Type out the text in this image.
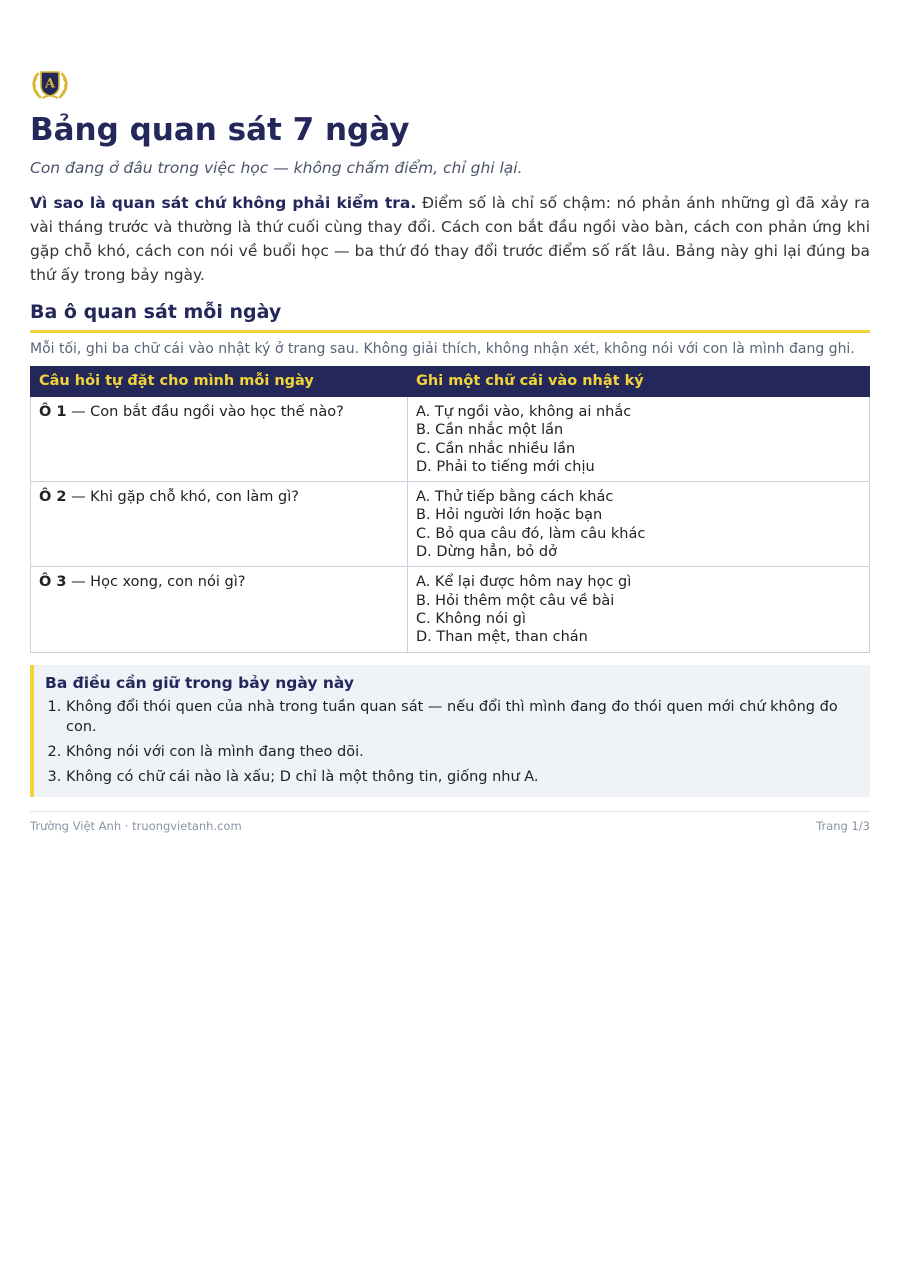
A
Bảng quan sát 7 ngày

Con đang ở đâu trong việc học — không chấm điểm, chỉ ghi lại.

Vì sao là quan sát chứ không phải kiểm tra. Điểm số là chỉ số chậm: nó phản ánh những gì đã xảy ra vài tháng trước và thường là thứ cuối cùng thay đổi. Cách con bắt đầu ngồi vào bàn, cách con phản ứng khi gặp chỗ khó, cách con nói về buổi học — ba thứ đó thay đổi trước điểm số rất lâu. Bảng này ghi lại đúng ba thứ ấy trong bảy ngày.

Ba ô quan sát mỗi ngày

Mỗi tối, ghi ba chữ cái vào nhật ký ở trang sau. Không giải thích, không nhận xét, không nói với con là mình đang ghi.

Câu hỏi tự đặt cho mình mỗi ngày	Ghi một chữ cái vào nhật ký
Ô 1 — Con bắt đầu ngồi vào học thế nào?	A. Tự ngồi vào, không ai nhắc
B. Cần nhắc một lần
C. Cần nhắc nhiều lần
D. Phải to tiếng mới chịu

Ô 2 — Khi gặp chỗ khó, con làm gì?	A. Thử tiếp bằng cách khác
B. Hỏi người lớn hoặc bạn
C. Bỏ qua câu đó, làm câu khác
D. Dừng hẳn, bỏ dở

Ô 3 — Học xong, con nói gì?	A. Kể lại được hôm nay học gì
B. Hỏi thêm một câu về bài
C. Không nói gì
D. Than mệt, than chán
Ba điều cần giữ trong bảy ngày này
1. Không đổi thói quen của nhà trong tuần quan sát — nếu đổi thì mình đang đo thói quen mới chứ không đo con.
2. Không nói với con là mình đang theo dõi.
3. Không có chữ cái nào là xấu; D chỉ là một thông tin, giống như A.
Trường Việt Anh · truongvietanh.com	Trang 1/3
